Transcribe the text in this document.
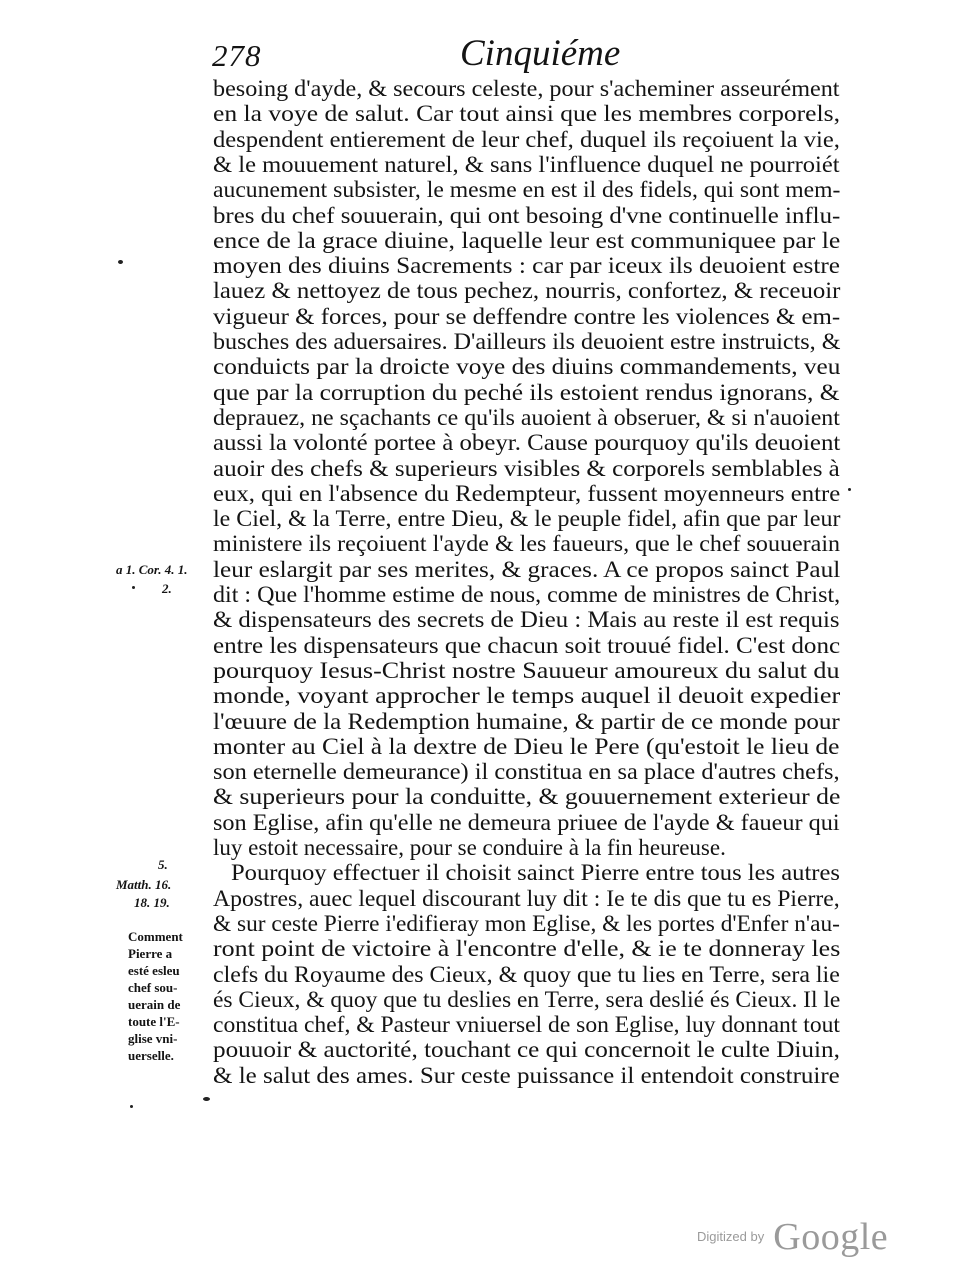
278	Cinquiéme
besoing d'ayde, & secours celeste, pour s'acheminer asseurément
en la voye de salut. Car tout ainsi que les membres corporels,
despendent entierement de leur chef, duquel ils reçoiuent la vie,
& le mouuement naturel, & sans l'influence duquel ne pourroiét
aucunement subsister, le mesme en est il des fidels, qui sont mem-
bres du chef souuerain, qui ont besoing d'vne continuelle influ-
ence de la grace diuine, laquelle leur est communiquee par le
moyen des diuins Sacrements : car par iceux ils deuoient estre
lauez & nettoyez de tous pechez, nourris, confortez, & receuoir
vigueur & forces, pour se deffendre contre les violences & em-
busches des aduersaires. D'ailleurs ils deuoient estre instruicts, &
conduicts par la droicte voye des diuins commandements, veu
que par la corruption du peché ils estoient rendus ignorans, &
deprauez, ne sçachants ce qu'ils auoient à obseruer, & si n'auoient
aussi la volonté portee à obeyr. Cause pourquoy qu'ils deuoient
auoir des chefs & superieurs visibles & corporels semblables à
eux, qui en l'absence du Redempteur, fussent moyenneurs entre
le Ciel, & la Terre, entre Dieu, & le peuple fidel, afin que par leur
ministere ils reçoiuent l'ayde & les faueurs, que le chef souuerain
leur eslargit par ses merites, & graces. A ce propos sainct Paul
dit : Que l'homme estime de nous, comme de ministres de Christ,
& dispensateurs des secrets de Dieu : Mais au reste il est requis
entre les dispensateurs que chacun soit trouué fidel. C'est donc
pourquoy Iesus-Christ nostre Sauueur amoureux du salut du
monde, voyant approcher le temps auquel il deuoit expedier
l'œuure de la Redemption humaine, & partir de ce monde pour
monter au Ciel à la dextre de Dieu le Pere (qu'estoit le lieu de
son eternelle demeurance) il constitua en sa place d'autres chefs,
& superieurs pour la conduitte, & gouuernement exterieur de
son Eglise, afin qu'elle ne demeura priuee de l'ayde & faueur qui
luy estoit necessaire, pour se conduire à la fin heureuse.
Pourquoy effectuer il choisit sainct Pierre entre tous les autres
Apostres, auec lequel discourant luy dit : Ie te dis que tu es Pierre,
& sur ceste Pierre i'edifieray mon Eglise, & les portes d'Enfer n'au-
ront point de victoire à l'encontre d'elle, & ie te donneray les
clefs du Royaume des Cieux, & quoy que tu lies en Terre, sera lie
és Cieux, & quoy que tu deslies en Terre, sera deslié és Cieux. Il le
constitua chef, & Pasteur vniuersel de son Eglise, luy donnant tout
pouuoir & auctorité, touchant ce qui concernoit le culte Diuin,
& le salut des ames. Sur ceste puissance il entendoit construire
a 1. Cor. 4. 1.
2.
5.
Matth. 16.
18. 19.
Comment
Pierre a
esté esleu
chef sou-
uerain de
toute l'E-
glise vni-
uerselle.
$^{Digitized by}$ Google
